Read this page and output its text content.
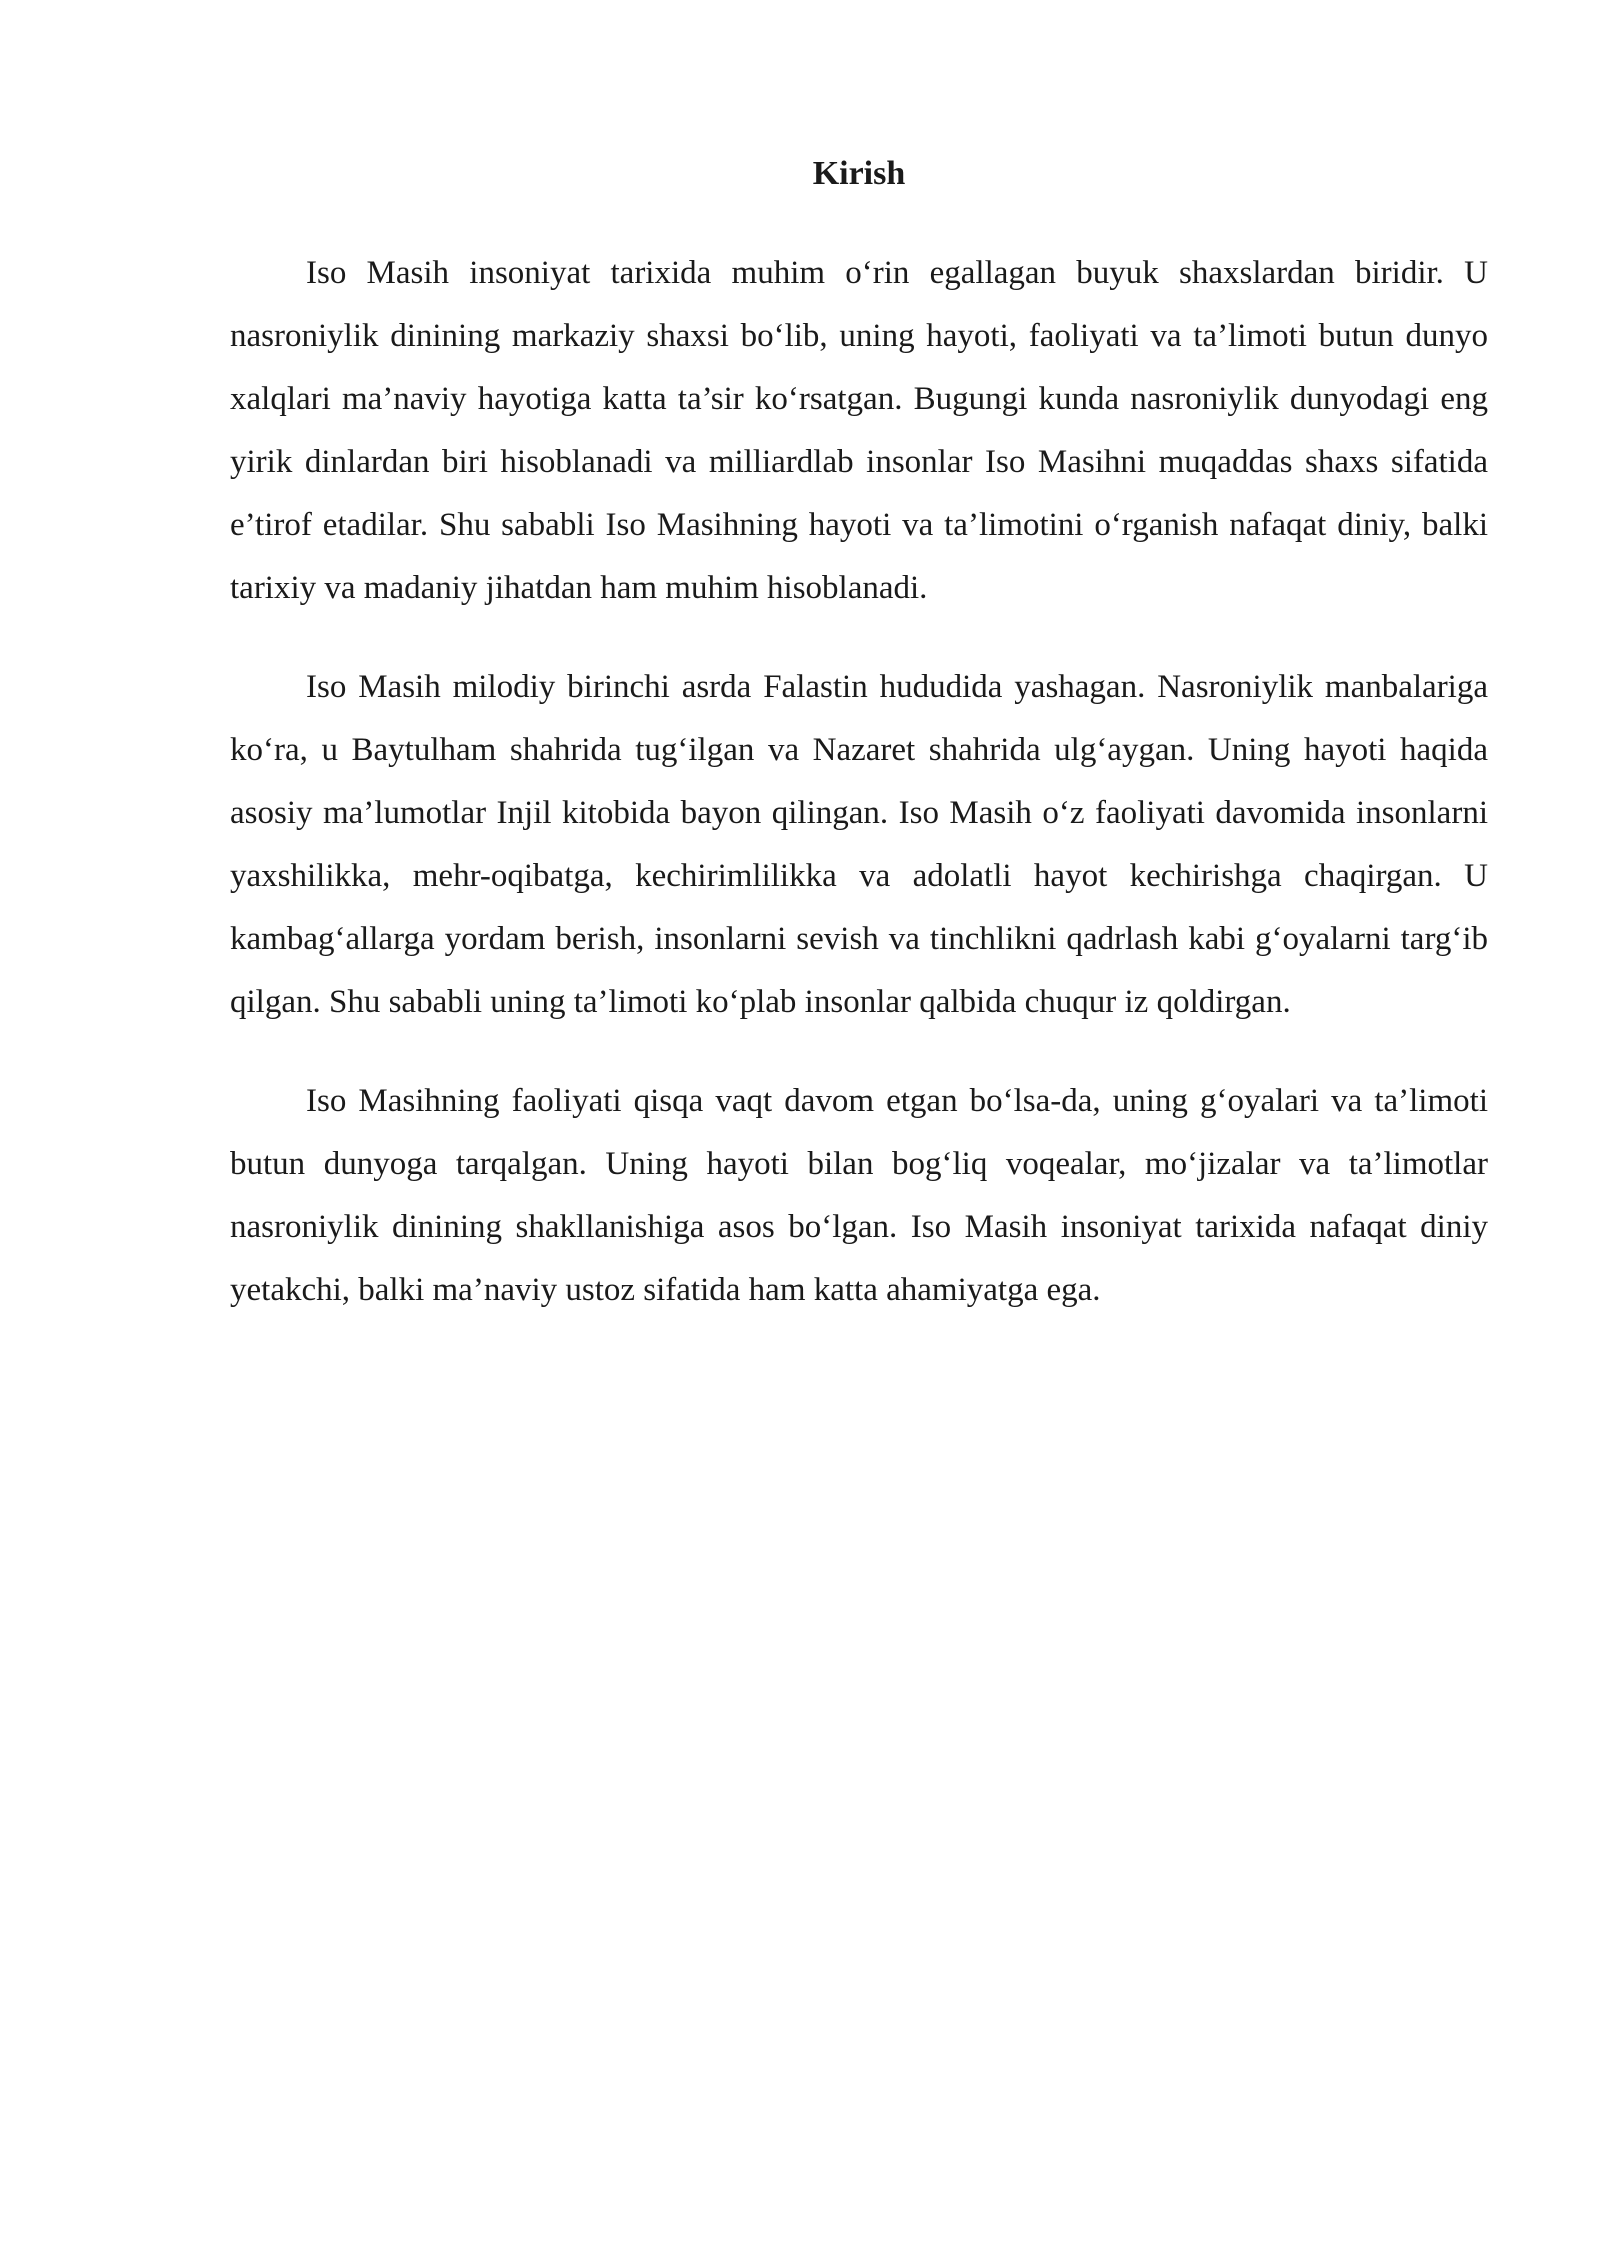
Kirish

Iso Masih insoniyat tarixida muhim o‘rin egallagan buyuk shaxslardan biridir. U nasroniylik dinining markaziy shaxsi bo‘lib, uning hayoti, faoliyati va ta’limoti butun dunyo xalqlari ma’naviy hayotiga katta ta’sir ko‘rsatgan. Bugungi kunda nasroniylik dunyodagi eng yirik dinlardan biri hisoblanadi va milliardlab insonlar Iso Masihni muqaddas shaxs sifatida e’tirof etadilar. Shu sababli Iso Masihning hayoti va ta’limotini o‘rganish nafaqat diniy, balki tarixiy va madaniy jihatdan ham muhim hisoblanadi.

Iso Masih milodiy birinchi asrda Falastin hududida yashagan. Nasroniylik manbalariga ko‘ra, u Baytulham shahrida tug‘ilgan va Nazaret shahrida ulg‘aygan. Uning hayoti haqida asosiy ma’lumotlar Injil kitobida bayon qilingan. Iso Masih o‘z faoliyati davomida insonlarni yaxshilikka, mehr-oqibatga, kechirimlilikka va adolatli hayot kechirishga chaqirgan. U kambag‘allarga yordam berish, insonlarni sevish va tinchlikni qadrlash kabi g‘oyalarni targ‘ib qilgan. Shu sababli uning ta’limoti ko‘plab insonlar qalbida chuqur iz qoldirgan.

Iso Masihning faoliyati qisqa vaqt davom etgan bo‘lsa-da, uning g‘oyalari va ta’limoti butun dunyoga tarqalgan. Uning hayoti bilan bog‘liq voqealar, mo‘jizalar va ta’limotlar nasroniylik dinining shakllanishiga asos bo‘lgan. Iso Masih insoniyat tarixida nafaqat diniy yetakchi, balki ma’naviy ustoz sifatida ham katta ahamiyatga ega.
